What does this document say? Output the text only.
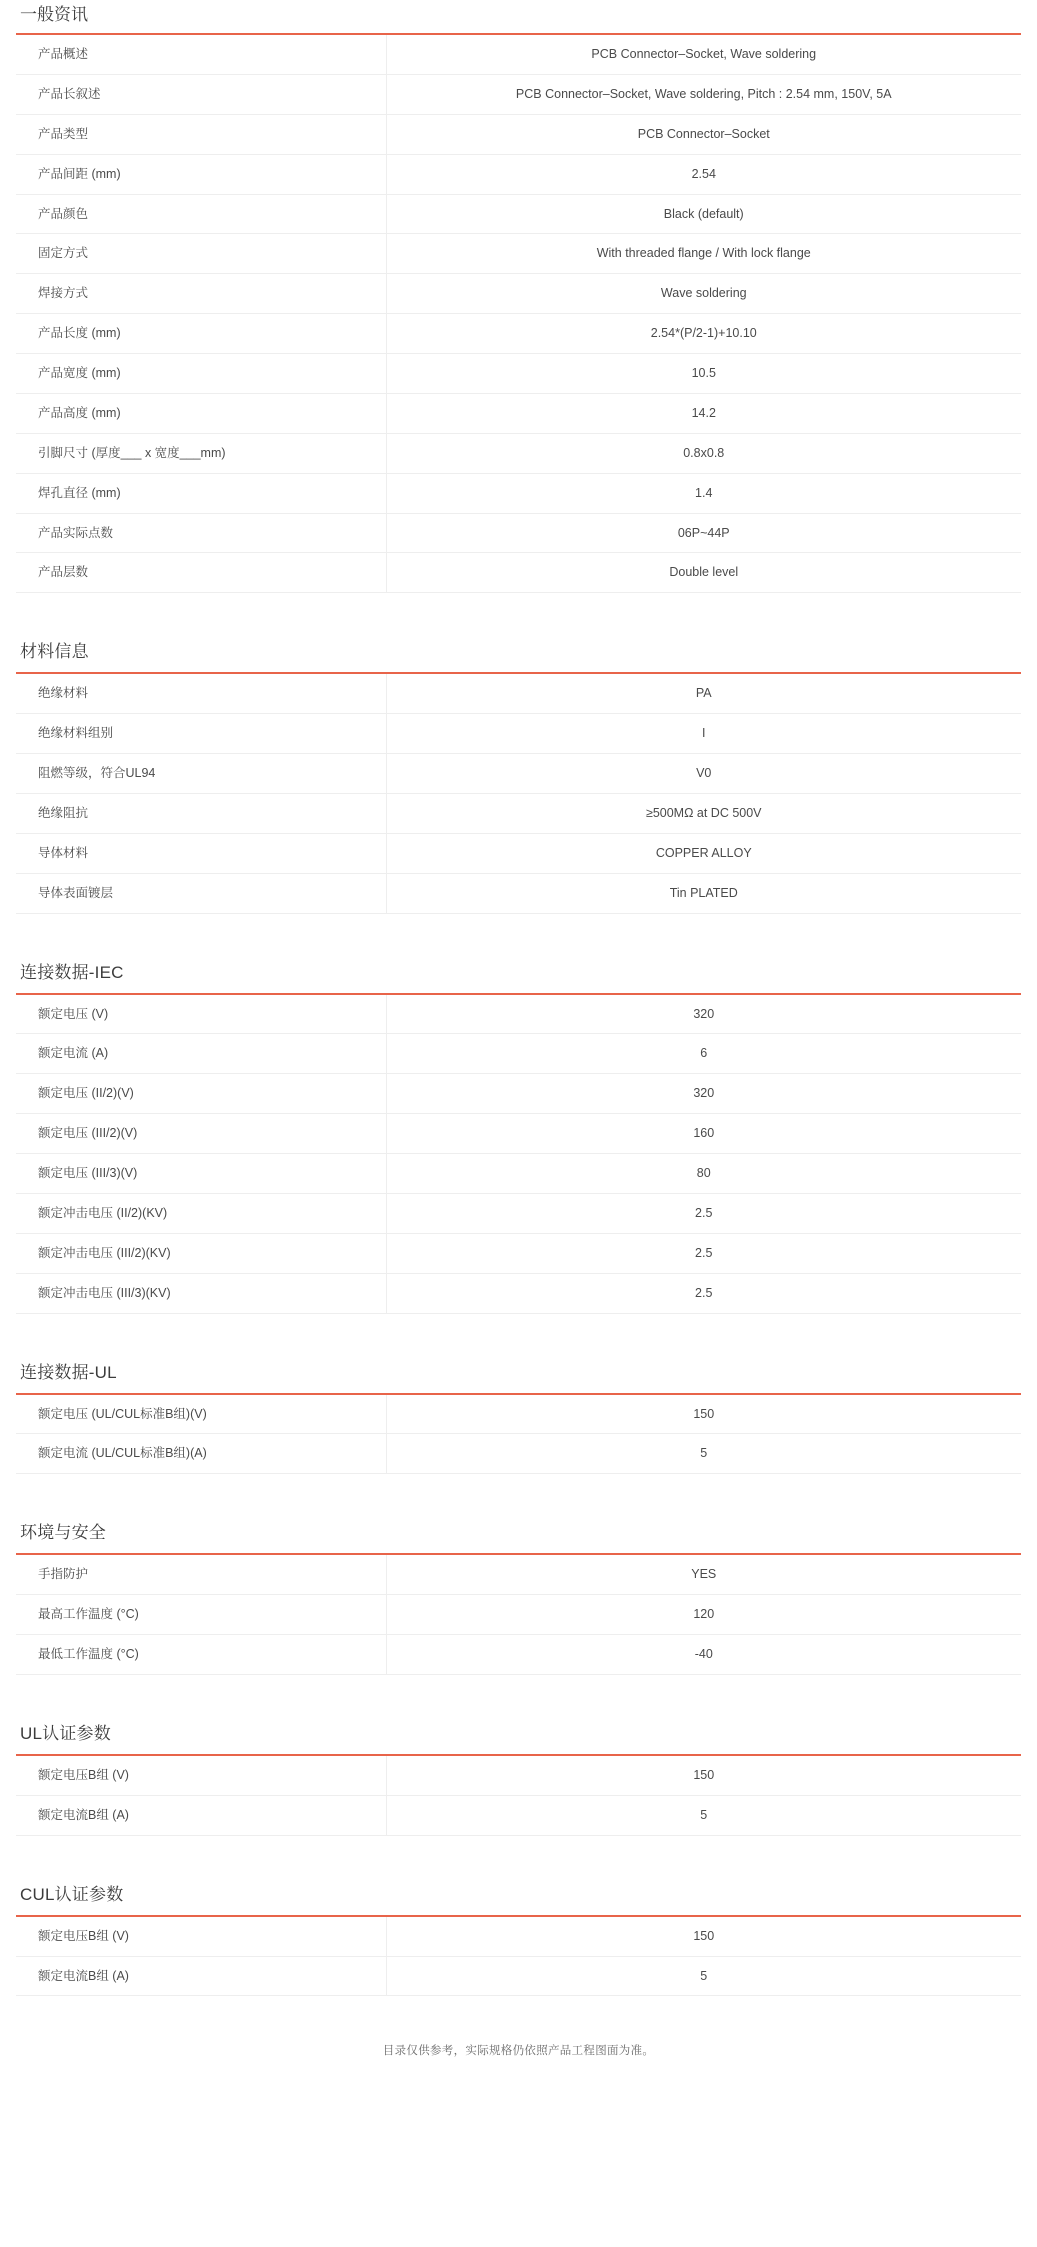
一般资讯
产品概述	PCB Connector–Socket, Wave soldering
产品长叙述	PCB Connector–Socket, Wave soldering, Pitch : 2.54 mm, 150V, 5A
产品类型	PCB Connector–Socket
产品间距 (mm)	2.54
产品颜色	Black (default)
固定方式	With threaded flange / With lock flange
焊接方式	Wave soldering
产品长度 (mm)	2.54*(P/2-1)+10.10
产品宽度 (mm)	10.5
产品高度 (mm)	14.2
引脚尺寸 (厚度___ x 宽度___mm)	0.8x0.8
焊孔直径 (mm)	1.4
产品实际点数	06P~44P
产品层数	Double level
材料信息
绝缘材料	PA
绝缘材料组别	I
阻燃等级，符合UL94	V0
绝缘阻抗	≥500MΩ at DC 500V
导体材料	COPPER ALLOY
导体表面镀层	Tin PLATED
连接数据-IEC
额定电压 (V)	320
额定电流 (A)	6
额定电压 (II/2)(V)	320
额定电压 (III/2)(V)	160
额定电压 (III/3)(V)	80
额定冲击电压 (II/2)(KV)	2.5
额定冲击电压 (III/2)(KV)	2.5
额定冲击电压 (III/3)(KV)	2.5
连接数据-UL
额定电压 (UL/CUL标准B组)(V)	150
额定电流 (UL/CUL标准B组)(A)	5
环境与安全
手指防护	YES
最高工作温度 (°C)	120
最低工作温度 (°C)	-40
UL认证参数
额定电压B组 (V)	150
额定电流B组 (A)	5
CUL认证参数
额定电压B组 (V)	150
额定电流B组 (A)	5
目录仅供参考，实际规格仍依照产品工程图面为准。
